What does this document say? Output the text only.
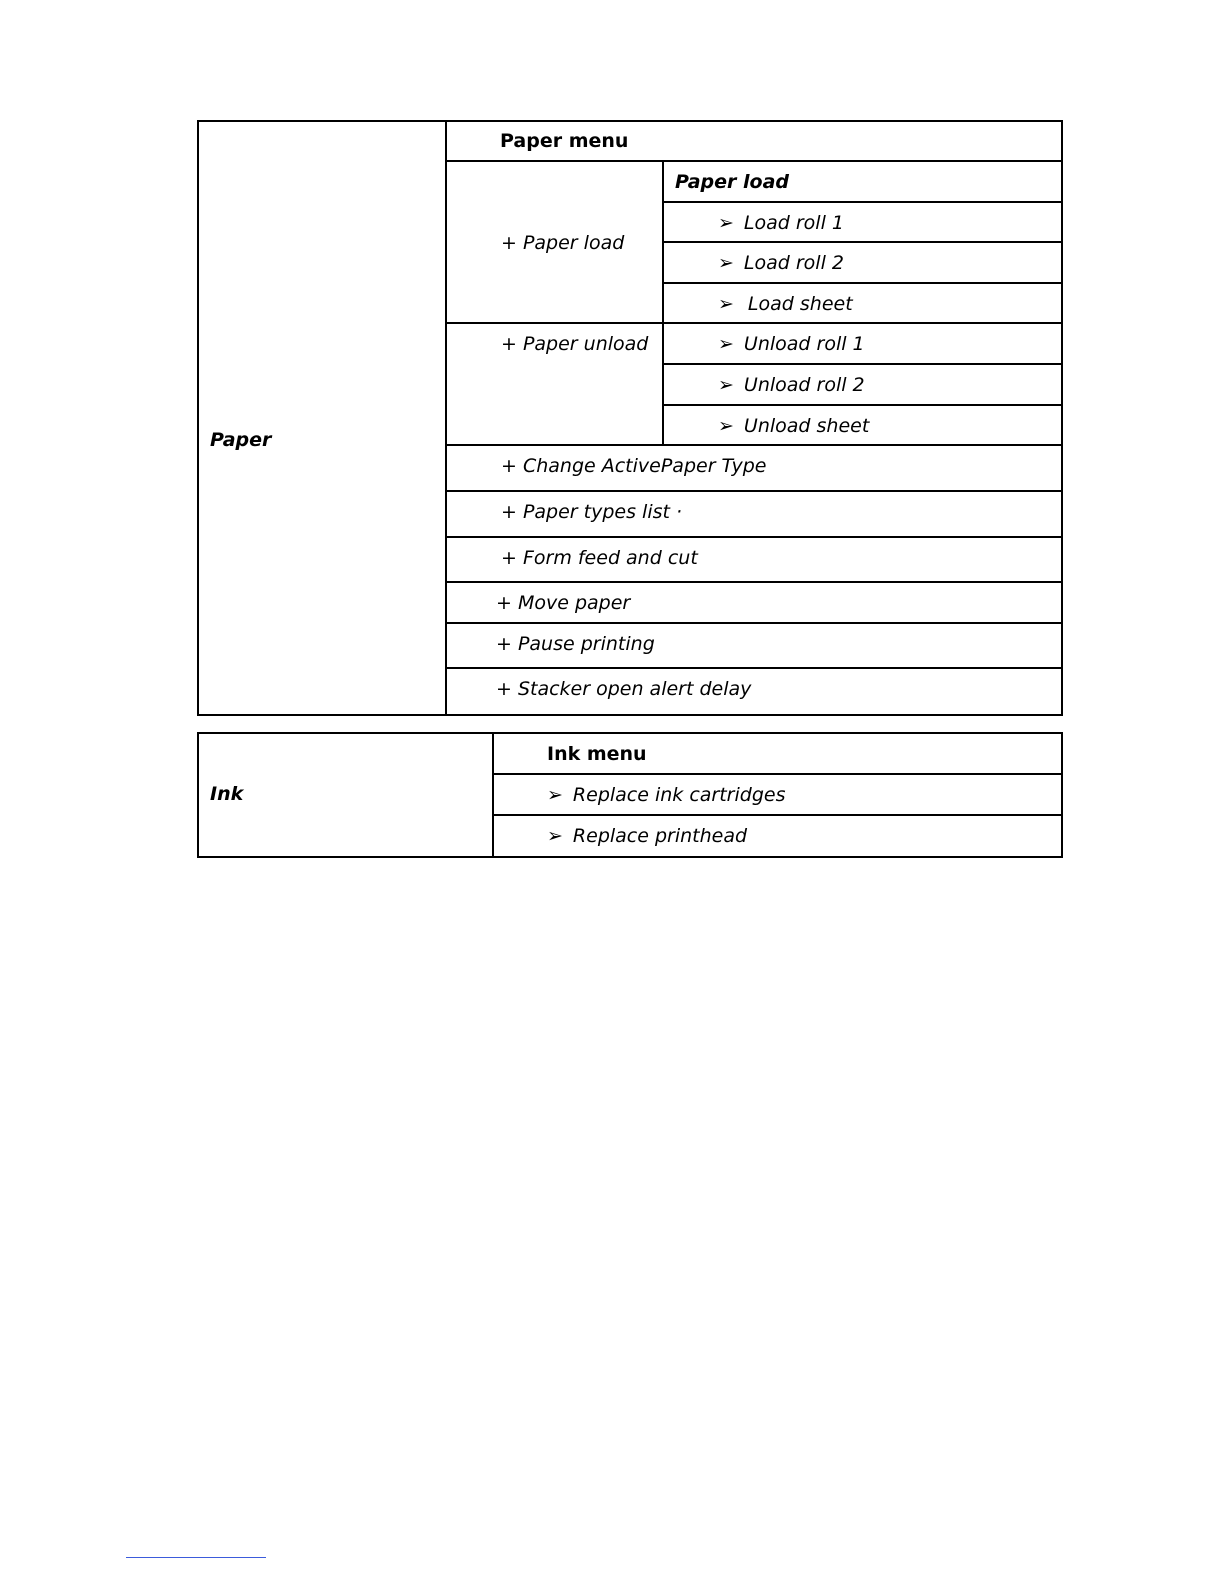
Paper
Paper menu
+ Paper load
Paper load
➢ Load roll 1
➢ Load roll 2
➢ Load sheet
+ Paper unload	➢ Unload roll 1
➢ Unload roll 2
➢ Unload sheet
+ Change ActivePaper Type
+ Paper types list ·
+ Form feed and cut
+ Move paper
+ Pause printing
+ Stacker open alert delay
Ink
Ink menu
➢ Replace ink cartridges
➢ Replace printhead
